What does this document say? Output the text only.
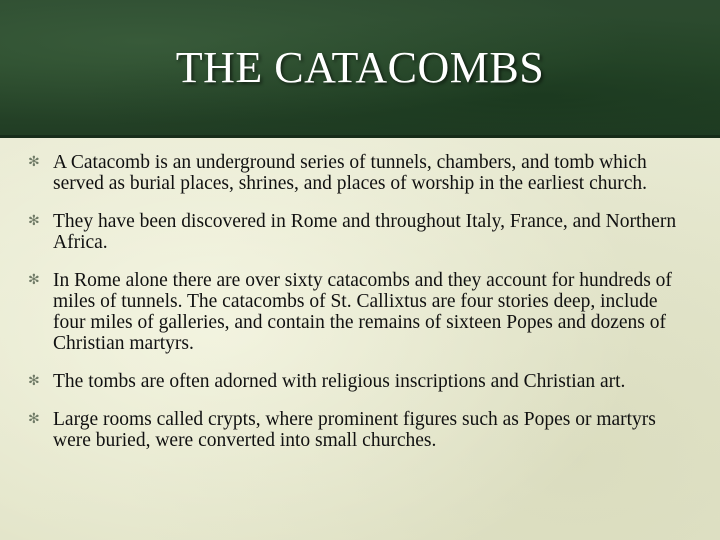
THE CATACOMBS
✻ A Catacomb is an underground series of tunnels, chambers, and tomb which served as burial places, shrines, and places of worship in the earliest church.
✻ They have been discovered in Rome and throughout Italy, France, and Northern Africa.
✻ In Rome alone there are over sixty catacombs and they account for hundreds of miles of tunnels. The catacombs of St. Callixtus are four stories deep, include four miles of galleries, and contain the remains of sixteen Popes and dozens of Christian martyrs.
✻ The tombs are often adorned with religious inscriptions and Christian art.
✻ Large rooms called crypts, where prominent figures such as Popes or martyrs were buried, were converted into small churches.
